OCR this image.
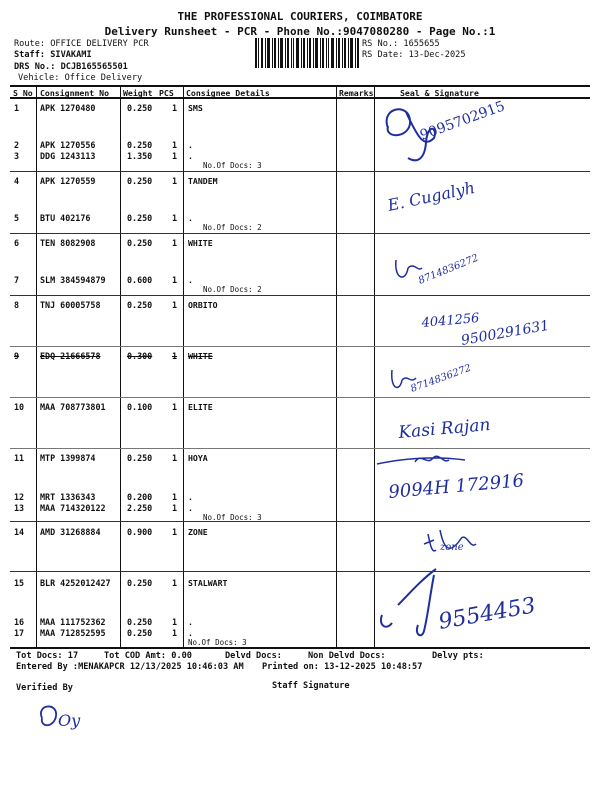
THE PROFESSIONAL COURIERS, COIMBATORE
Delivery Runsheet - PCR - Phone No.:9047080280 - Page No.:1
Route: OFFICE DELIVERY PCR
Staff: SIVAKAMI
DRS No.: DCJB165565501
Vehicle: Office Delivery
RS No.: 1655655
RS Date: 13-Dec-2025
S No Consignment No Weight PCS Consignee Details	Remarks	Seal & Signature
1 APK 1270480	0.250 1 SMS
2 APK 1270556	0.250 1 .
3 DDG 1243113	1.350 1 .
No.Of Docs: 3
4 APK 1270559	0.250 1 TANDEM
5 BTU 402176	0.250 1 .
No.Of Docs: 2
6 TEN 8082908	0.250 1 WHITE
7 SLM 384594879	0.600 1 .
No.Of Docs: 2
8 TNJ 60005758	0.250 1 ORBITO
9 EDQ 21666578	0.300 1 WHITE
10 MAA 708773801	0.100 1 ELITE
11 MTP 1399874	0.250 1 HOYA
12 MRT 1336343	0.200 1 .
13 MAA 714320122	2.250 1 .
No.Of Docs: 3
14 AMD 31268884	0.900 1 ZONE
15 BLR 4252012427 0.250 1 STALWART
16 MAA 111752362	0.250 1 .
17 MAA 712852595	0.250 1 .
No.Of Docs: 3
9095702915
E. Cugalyh
8714836272
4041256
9500291631
8714836272
Kasi Rajan
9094H 172916
zone
9554453
Tot Docs: 17	Tot COD Amt: 0.00	Delvd Docs:	Non Delvd Docs:	Delvy pts:
Entered By :MENAKAPCR 12/13/2025 10:46:03 AM Printed on: 13-12-2025 10:48:57
Verified By	Staff Signature
Oy
